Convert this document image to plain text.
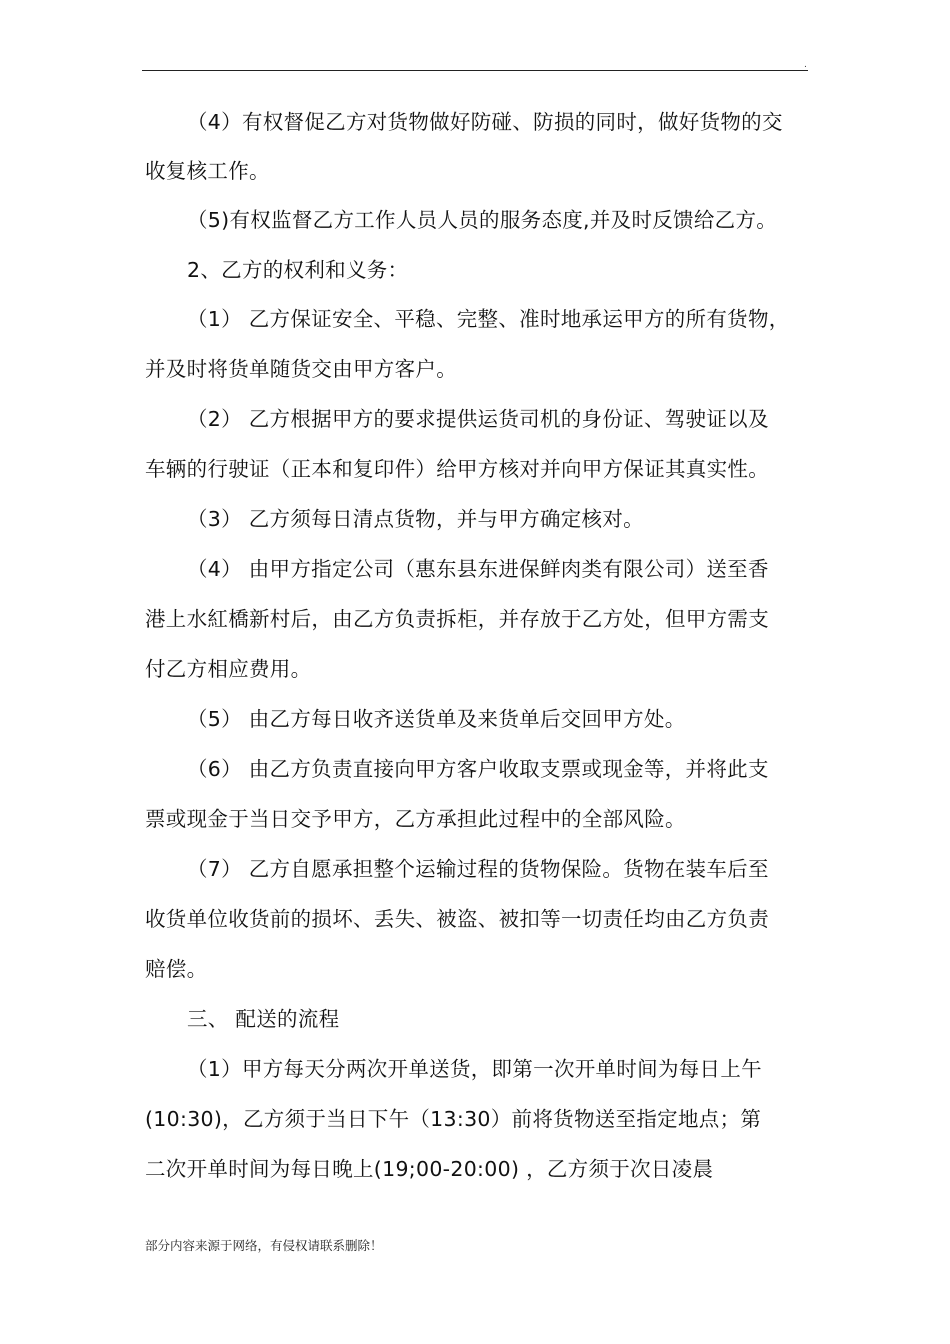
.
（4）有权督促乙方对货物做好防碰、防损的同时，做好货物的交
收复核工作。
（5)有权监督乙方工作人员人员的服务态度,并及时反馈给乙方。
2、乙方的权利和义务：
（1） 乙方保证安全、平稳、完整、准时地承运甲方的所有货物，
并及时将货单随货交由甲方客户。
（2） 乙方根据甲方的要求提供运货司机的身份证、驾驶证以及
车辆的行驶证（正本和复印件）给甲方核对并向甲方保证其真实性。
（3） 乙方须每日清点货物，并与甲方确定核对。
（4） 由甲方指定公司（惠东县东进保鲜肉类有限公司）送至香
港上水紅橋新村后，由乙方负责拆柜，并存放于乙方处，但甲方需支
付乙方相应费用。
（5） 由乙方每日收齐送货单及来货单后交回甲方处。
（6） 由乙方负责直接向甲方客户收取支票或现金等，并将此支
票或现金于当日交予甲方，乙方承担此过程中的全部风险。
（7） 乙方自愿承担整个运输过程的货物保险。货物在装车后至
收货单位收货前的损坏、丢失、被盗、被扣等一切责任均由乙方负责
赔偿。
三、 配送的流程
（1）甲方每天分两次开单送货，即第一次开单时间为每日上午
(10:30)，乙方须于当日下午（13:30）前将货物送至指定地点；第
二次开单时间为每日晚上(19;00-20:00) ，乙方须于次日凌晨
部分内容来源于网络，有侵权请联系删除！
